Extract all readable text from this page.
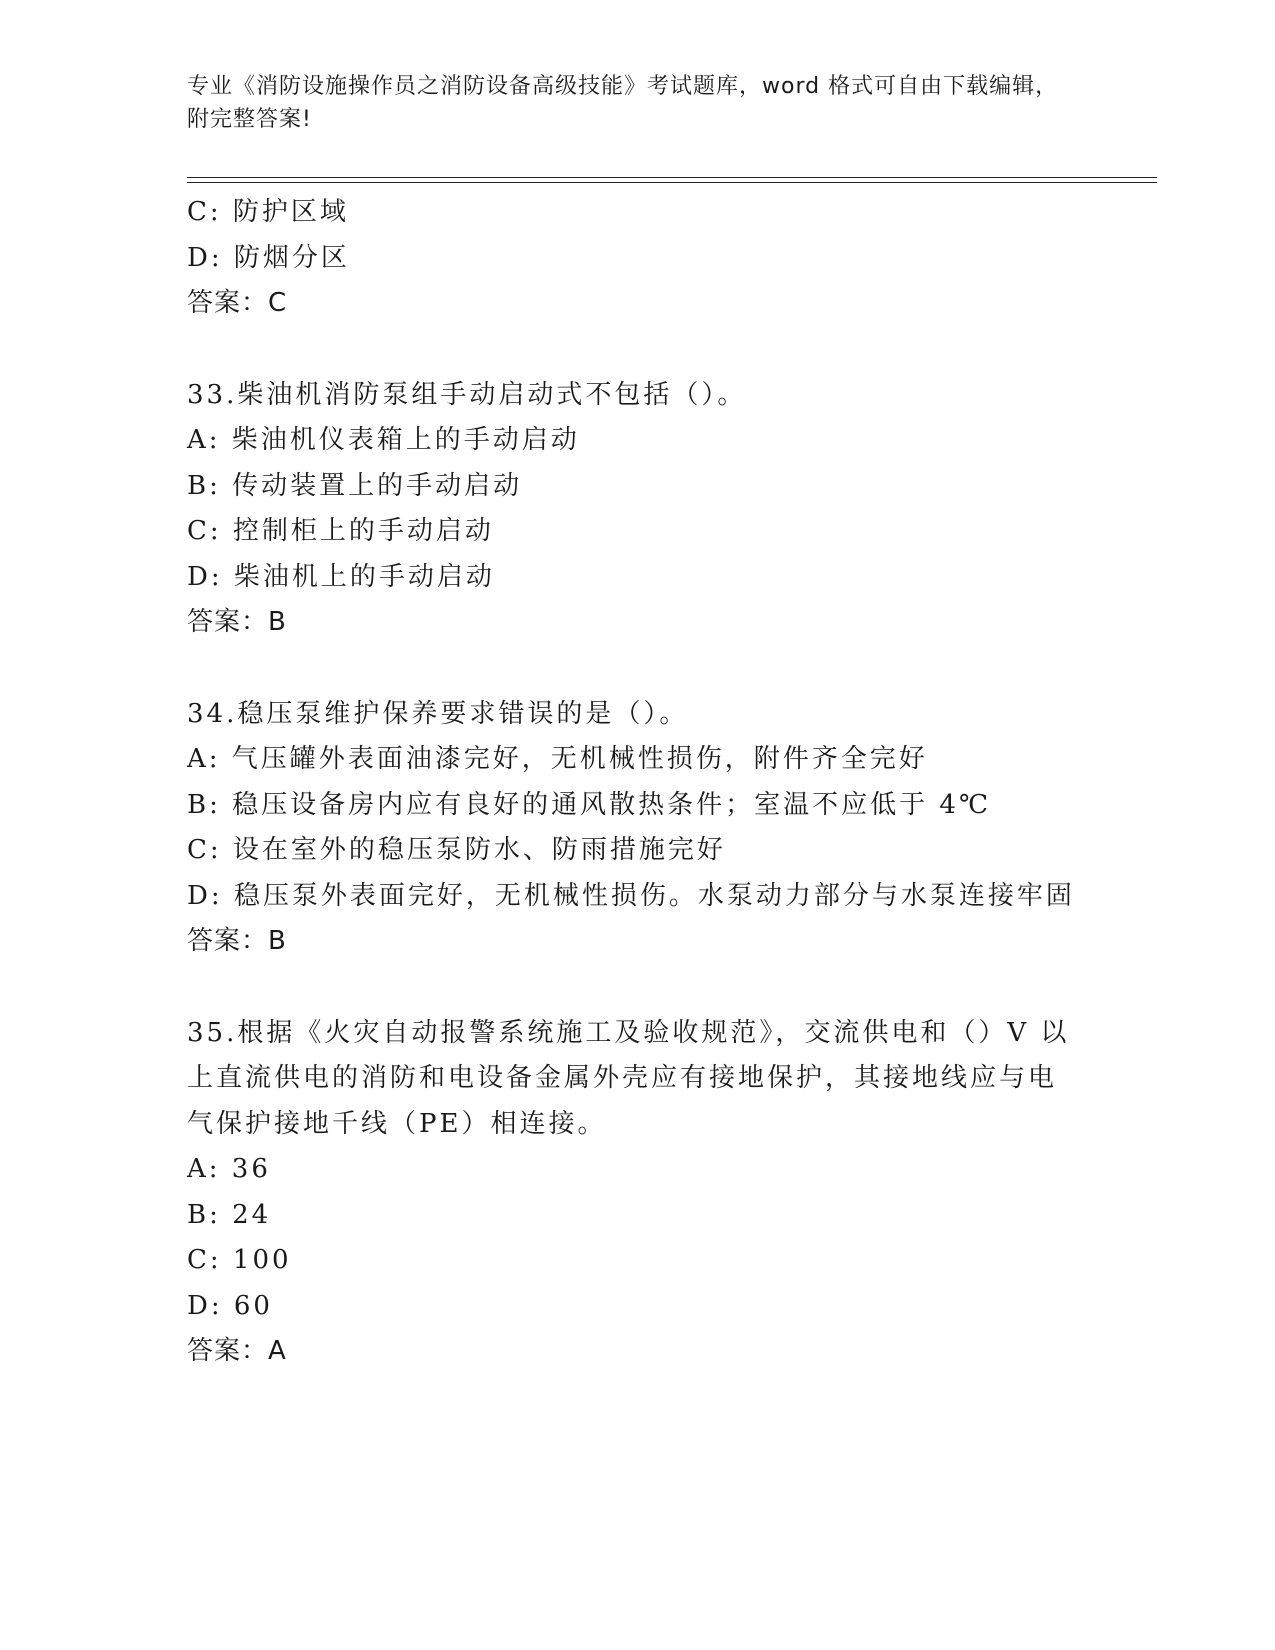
专业《消防设施操作员之消防设备高级技能》考试题库，word 格式可自由下载编辑，附完整答案!
C: 防护区域
D: 防烟分区
答案：C
33.柴油机消防泵组手动启动式不包括（）。
A: 柴油机仪表箱上的手动启动
B: 传动装置上的手动启动
C: 控制柜上的手动启动
D: 柴油机上的手动启动
答案：B
34.稳压泵维护保养要求错误的是（）。
A: 气压罐外表面油漆完好，无机械性损伤，附件齐全完好
B: 稳压设备房内应有良好的通风散热条件；室温不应低于 4℃
C: 设在室外的稳压泵防水、防雨措施完好
D: 稳压泵外表面完好，无机械性损伤。水泵动力部分与水泵连接牢固
答案：B
35.根据《火灾自动报警系统施工及验收规范》，交流供电和（）V 以
上直流供电的消防和电设备金属外壳应有接地保护，其接地线应与电
气保护接地千线（PE）相连接。
A: 36
B: 24
C: 100
D: 60
答案：A
